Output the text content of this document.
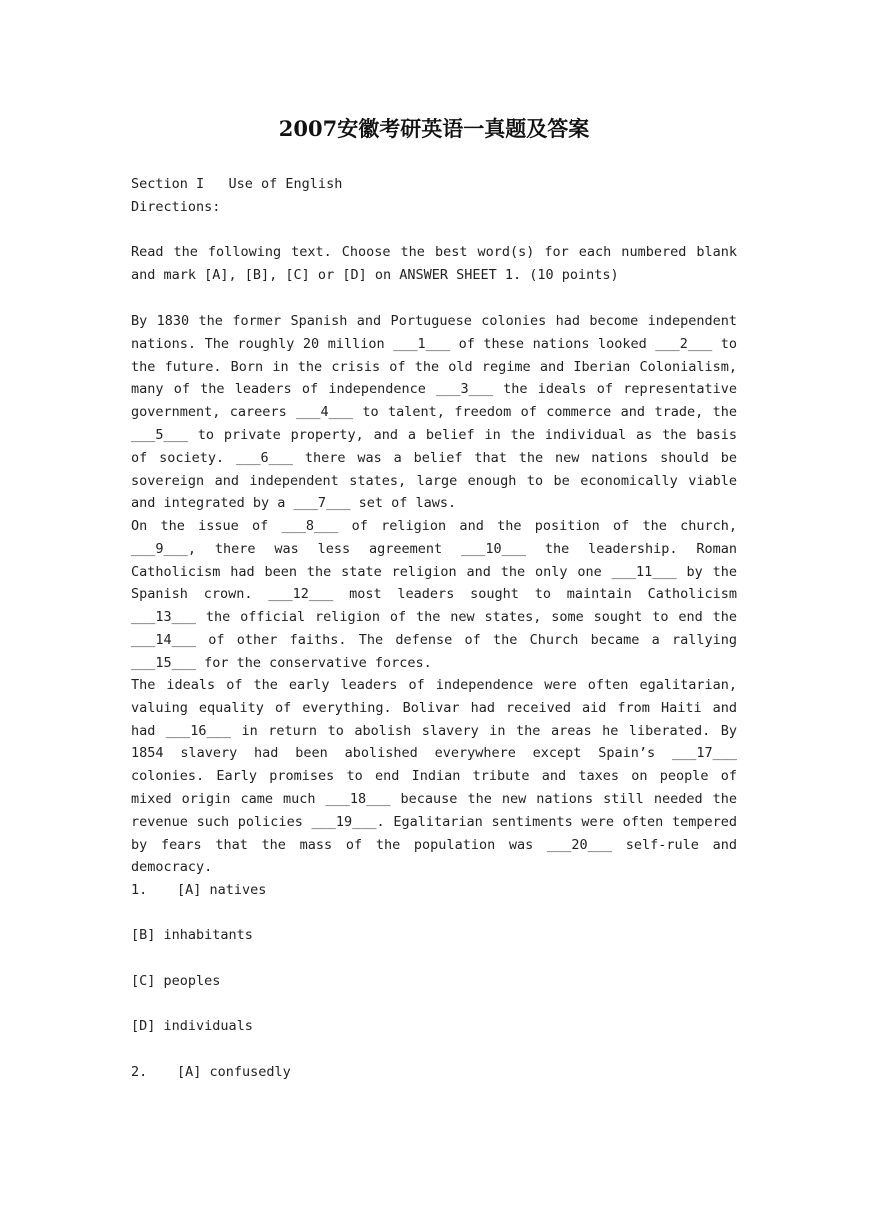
2007安徽考研英语一真题及答案

Section I   Use of English

Directions:

Read the following text. Choose the best word(s) for each numbered blank and mark [A], [B], [C] or [D] on ANSWER SHEET 1. (10 points)

By 1830 the former Spanish and Portuguese colonies had become independent nations. The roughly 20 million ___1___ of these nations looked ___2___ to the future. Born in the crisis of the old regime and Iberian Colonialism, many of the leaders of independence ___3___ the ideals of representative government, careers ___4___ to talent, freedom of commerce and trade, the ___5___ to private property, and a belief in the individual as the basis of society. ___6___ there was a belief that the new nations should be sovereign and independent states, large enough to be economically viable and integrated by a ___7___ set of laws.

On the issue of ___8___ of religion and the position of the church, ___9___, there was less agreement ___10___ the leadership. Roman Catholicism had been the state religion and the only one ___11___ by the Spanish crown. ___12___ most leaders sought to maintain Catholicism ___13___ the official religion of the new states, some sought to end the ___14___ of other faiths. The defense of the Church became a rallying ___15___ for the conservative forces.

The ideals of the early leaders of independence were often egalitarian, valuing equality of everything. Bolivar had received aid from Haiti and had ___16___ in return to abolish slavery in the areas he liberated. By 1854 slavery had been abolished everywhere except Spain’s ___17___ colonies. Early promises to end Indian tribute and taxes on people of mixed origin came much ___18___ because the new nations still needed the revenue such policies ___19___. Egalitarian sentiments were often tempered by fears that the mass of the population was ___20___ self-rule and democracy.

1. [A] natives

[B] inhabitants

[C] peoples

[D] individuals

2. [A] confusedly
